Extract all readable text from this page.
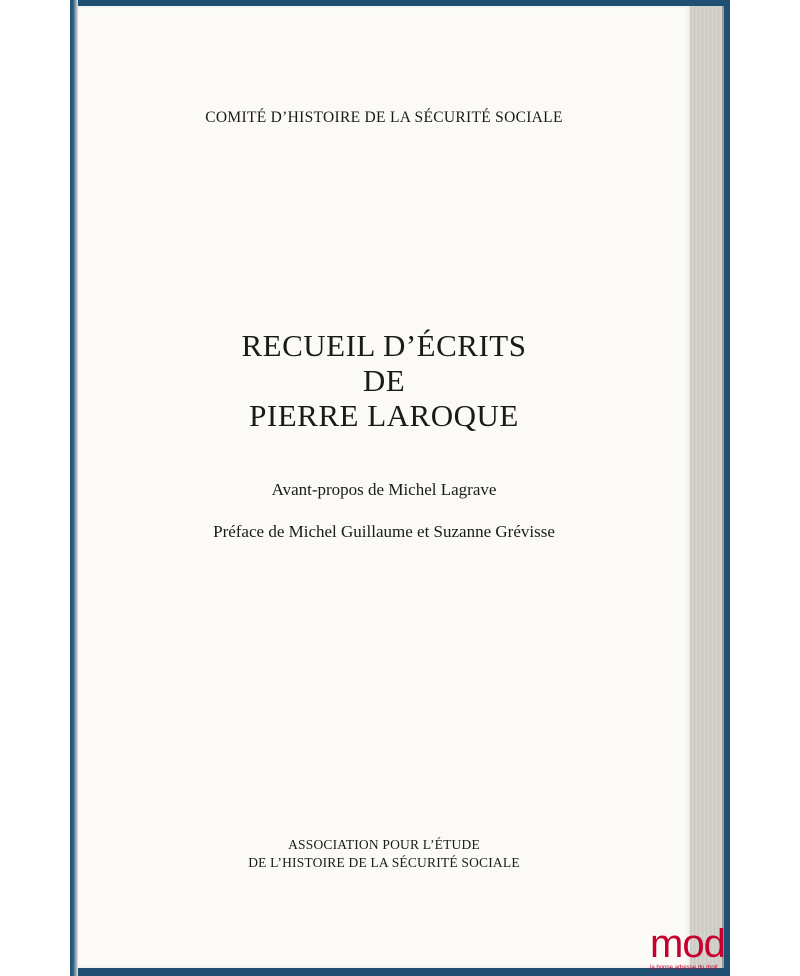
COMITÉ D’HISTOIRE DE LA SÉCURITÉ SOCIALE
RECUEIL D’ÉCRITS
DE
PIERRE LAROQUE
Avant-propos de Michel Lagrave
Préface de Michel Guillaume et Suzanne Grévisse
ASSOCIATION POUR L’ÉTUDE
DE L’HISTOIRE DE LA SÉCURITÉ SOCIALE
mod
la bonne adresse du droit
